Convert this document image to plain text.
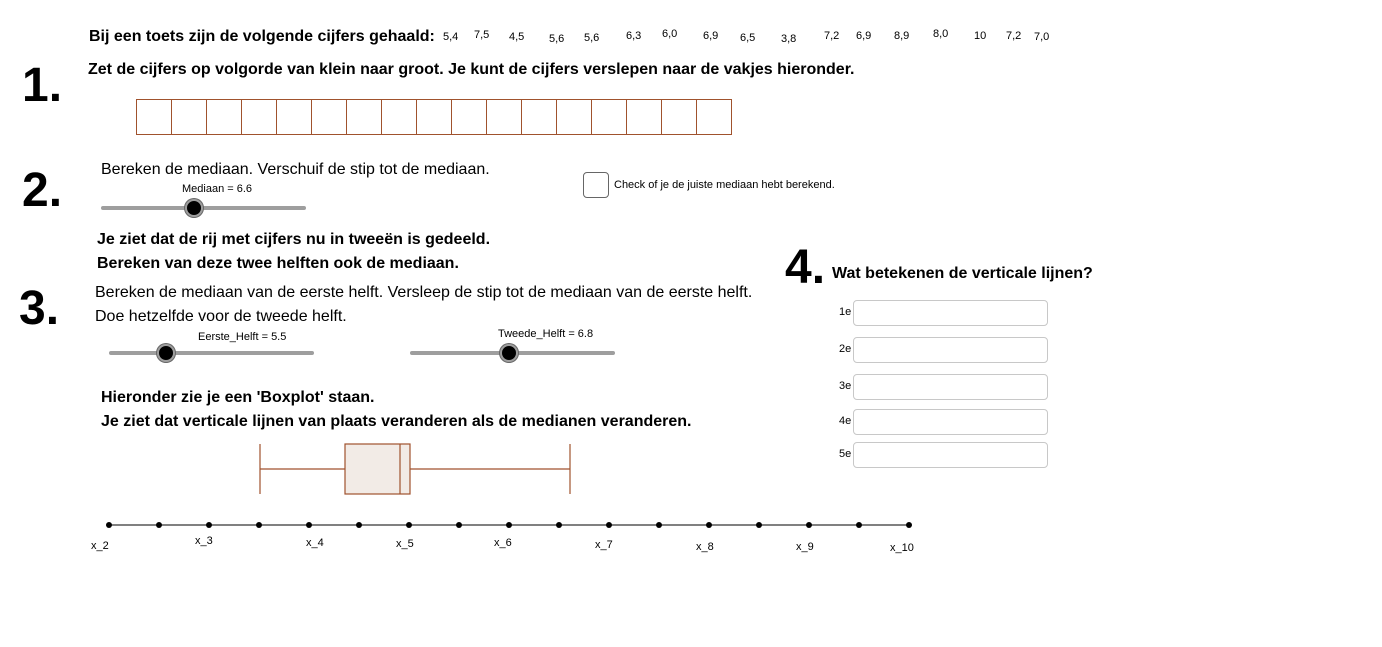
Bij een toets zijn de volgende cijfers gehaald: 5,4 7,5 4,5 5,6 5,6 6,3 6,0 6,9 6,5 3,8	7,2 6,9 8,9 8,0 10 7,2 7,0
1. Zet de cijfers op volgorde van klein naar groot. Je kunt de cijfers verslepen naar de vakjes hieronder.
2. Bereken de mediaan. Verschuif de stip tot de mediaan.
Mediaan = 6.6	Check of je de juiste mediaan hebt berekend.
Je ziet dat de rij met cijfers nu in tweeën is gedeeld.
Bereken van deze twee helften ook de mediaan.
3. Bereken de mediaan van de eerste helft. Versleep de stip tot de mediaan van de eerste helft.
Doe hetzelfde voor de tweede helft.
Eerste_Helft = 5.5	Tweede_Helft = 6.8
Hieronder zie je een 'Boxplot' staan.
Je ziet dat verticale lijnen van plaats veranderen als de medianen veranderen.
x_2	x_3	x_4	x_5	x_6	x_7	x_8	x_9	x_10
4. Wat betekenen de verticale lijnen?
1e
2e
3e
4e
5e
